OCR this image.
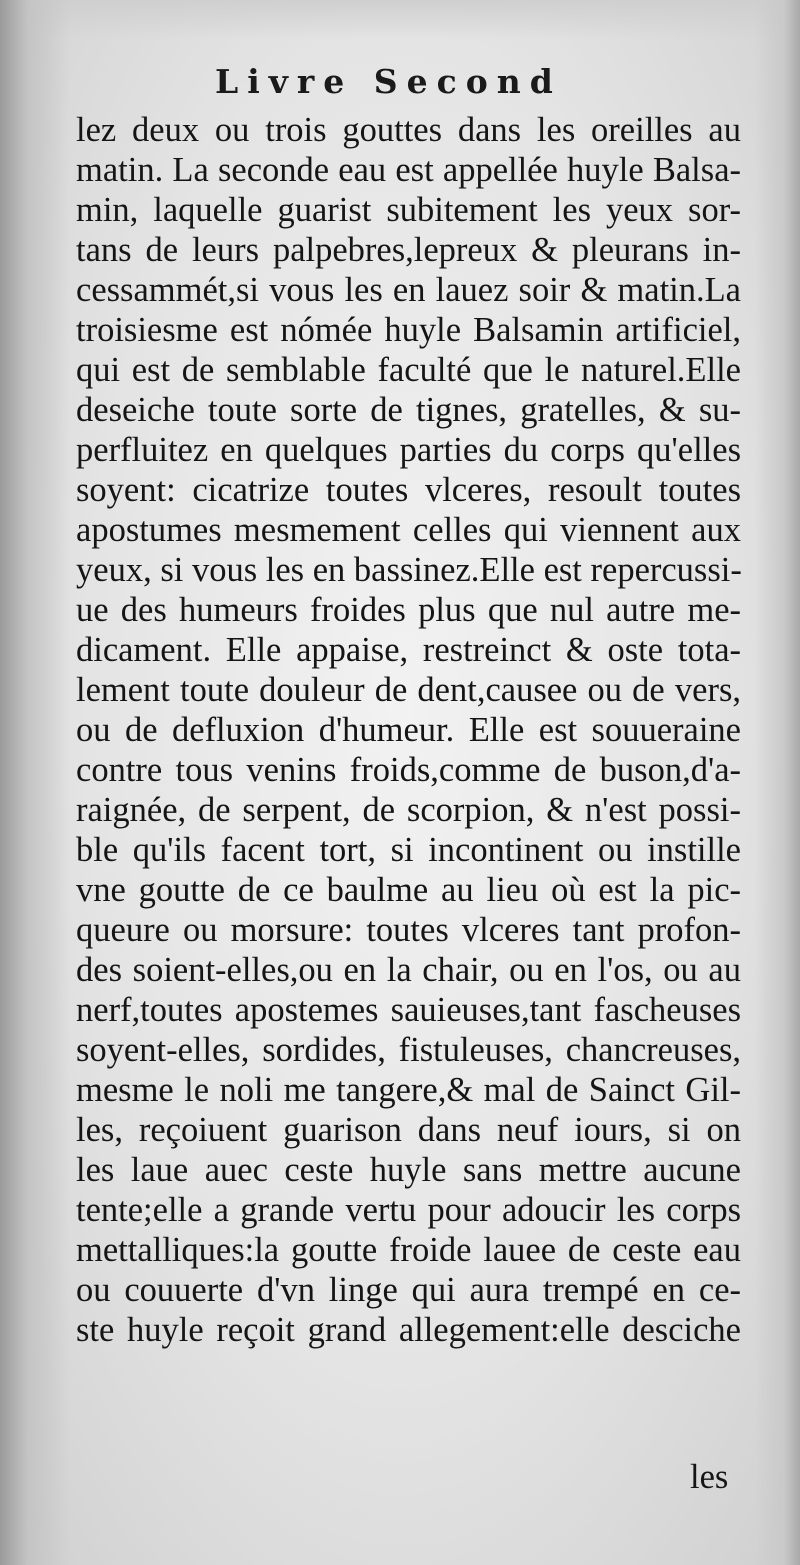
Livre Second
lez deux ou trois gouttes dans les oreilles au
matin. La seconde eau est appellée huyle Balsa-
min, laquelle guarist subitement les yeux sor-
tans de leurs palpebres,lepreux & pleurans in-
cessammét,si vous les en lauez soir & matin.La
troisiesme est nómée huyle Balsamin artificiel,
qui est de semblable faculté que le naturel.Elle
deseiche toute sorte de tignes, gratelles, & su-
perfluitez en quelques parties du corps qu'elles
soyent: cicatrize toutes vlceres, resoult toutes
apostumes mesmement celles qui viennent aux
yeux, si vous les en bassinez.Elle est repercussi-
ue des humeurs froides plus que nul autre me-
dicament. Elle appaise, restreinct & oste tota-
lement toute douleur de dent,causee ou de vers,
ou de defluxion d'humeur. Elle est souueraine
contre tous venins froids,comme de buson,d'a-
raignée, de serpent, de scorpion, & n'est possi-
ble qu'ils facent tort, si incontinent ou instille
vne goutte de ce baulme au lieu où est la pic-
queure ou morsure: toutes vlceres tant profon-
des soient-elles,ou en la chair, ou en l'os, ou au
nerf,toutes apostemes sauieuses,tant fascheuses
soyent-elles, sordides, fistuleuses, chancreuses,
mesme le noli me tangere,& mal de Sainct Gil-
les, reçoiuent guarison dans neuf iours, si on
les laue auec ceste huyle sans mettre aucune
tente;elle a grande vertu pour adoucir les corps
mettalliques:la goutte froide lauee de ceste eau
ou couuerte d'vn linge qui aura trempé en ce-
ste huyle reçoit grand allegement:elle desciche
les
